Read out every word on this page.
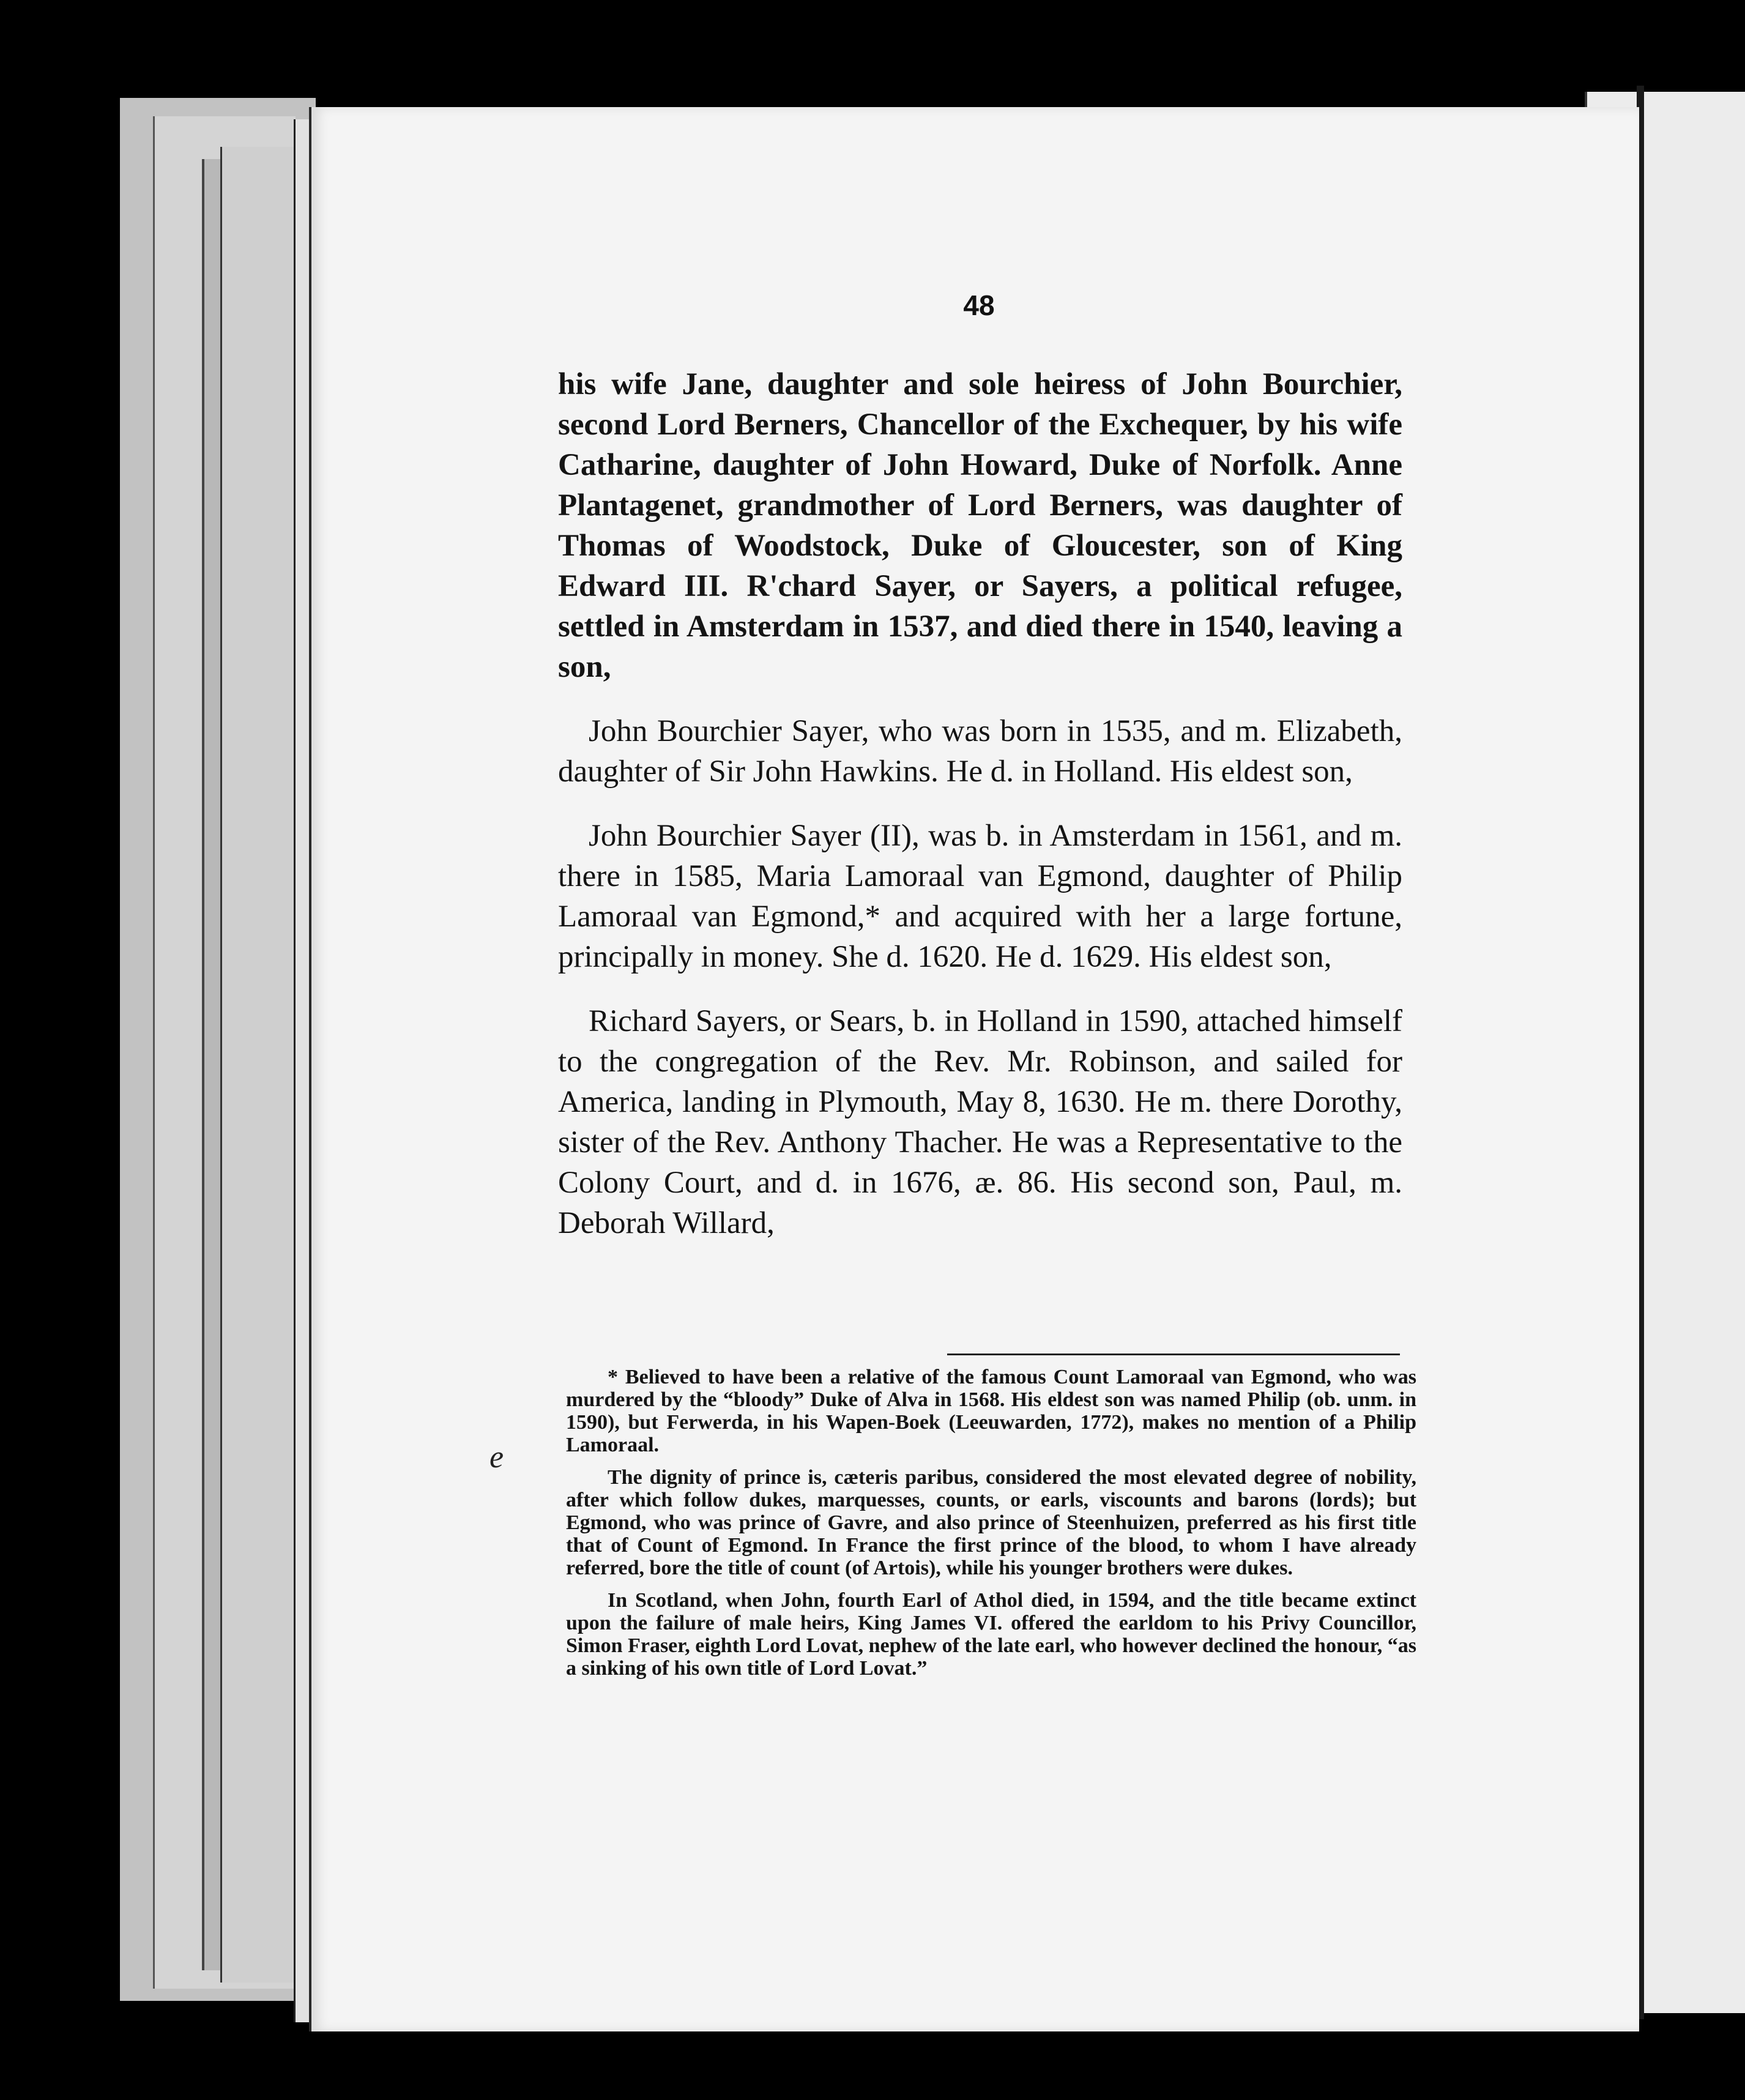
48

his wife Jane, daughter and sole heiress of John Bourchier, second Lord Berners, Chancellor of the Exchequer, by his wife Catharine, daughter of John Howard, Duke of Norfolk. Anne Plantagenet, grandmother of Lord Berners, was daughter of Thomas of Woodstock, Duke of Gloucester, son of King Edward III. R'chard Sayer, or Sayers, a political refugee, settled in Amsterdam in 1537, and died there in 1540, leaving a son,

John Bourchier Sayer, who was born in 1535, and m. Elizabeth, daughter of Sir John Hawkins. He d. in Holland. His eldest son,

John Bourchier Sayer (II), was b. in Amsterdam in 1561, and m. there in 1585, Maria Lamoraal van Egmond, daughter of Philip Lamoraal van Egmond,* and acquired with her a large fortune, principally in money. She d. 1620. He d. 1629. His eldest son,

Richard Sayers, or Sears, b. in Holland in 1590, attached himself to the congregation of the Rev. Mr. Robinson, and sailed for America, landing in Plymouth, May 8, 1630. He m. there Dorothy, sister of the Rev. Anthony Thacher. He was a Representative to the Colony Court, and d. in 1676, æ. 86. His second son, Paul, m. Deborah Willard,

* Believed to have been a relative of the famous Count Lamoraal van Egmond, who was murdered by the “bloody” Duke of Alva in 1568. His eldest son was named Philip (ob. unm. in 1590), but Ferwerda, in his Wapen-Boek (Leeuwarden, 1772), makes no mention of a Philip Lamoraal.

The dignity of prince is, cæteris paribus, considered the most elevated degree of nobility, after which follow dukes, marquesses, counts, or earls, viscounts and barons (lords); but Egmond, who was prince of Gavre, and also prince of Steenhuizen, preferred as his first title that of Count of Egmond. In France the first prince of the blood, to whom I have already referred, bore the title of count (of Artois), while his younger brothers were dukes.

In Scotland, when John, fourth Earl of Athol died, in 1594, and the title became extinct upon the failure of male heirs, King James VI. offered the earldom to his Privy Councillor, Simon Fraser, eighth Lord Lovat, nephew of the late earl, who however declined the honour, “as a sinking of his own title of Lord Lovat.”

e
